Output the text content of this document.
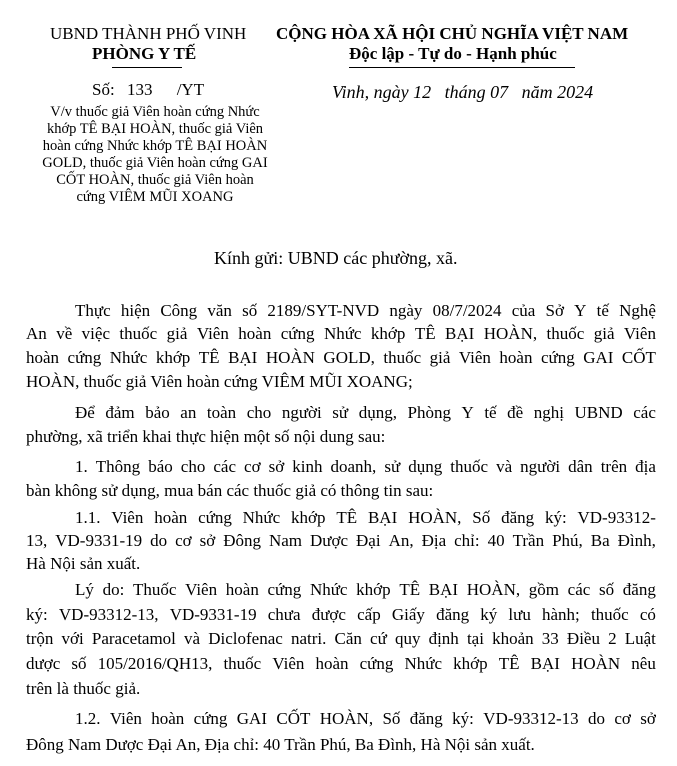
UBND THÀNH PHỐ VINH
PHÒNG Y TẾ
CỘNG HÒA XÃ HỘI CHỦ NGHĨA VIỆT NAM
Độc lập - Tự do - Hạnh phúc
Số: 133 /YT	Vinh, ngày 12   tháng 07   năm 2024
V/v thuốc giả Viên hoàn cứng Nhức
khớp TÊ BẠI HOÀN, thuốc giả Viên
hoàn cứng Nhức khớp TÊ BẠI HOÀN
GOLD, thuốc giả Viên hoàn cứng GAI
CỐT HOÀN, thuốc giả Viên hoàn
cứng VIÊM MŨI XOANG
Kính gửi: UBND các phường, xã.
Thực hiện Công văn số 2189/SYT-NVD ngày 08/7/2024 của Sở Y tế Nghệ
An về việc thuốc giả Viên hoàn cứng Nhức khớp TÊ BẠI HOÀN, thuốc giả Viên
hoàn cứng Nhức khớp TÊ BẠI HOÀN GOLD, thuốc giả Viên hoàn cứng GAI CỐT
HOÀN, thuốc giả Viên hoàn cứng VIÊM MŨI XOANG;
Để đảm bảo an toàn cho người sử dụng, Phòng Y tế đề nghị UBND các
phường, xã triển khai thực hiện một số nội dung sau:
1. Thông báo cho các cơ sở kinh doanh, sử dụng thuốc và người dân trên địa
bàn không sử dụng, mua bán các thuốc giả có thông tin sau:
1.1. Viên hoàn cứng Nhức khớp TÊ BẠI HOÀN, Số đăng ký: VD-93312-
13, VD-9331-19 do cơ sở Đông Nam Dược Đại An, Địa chỉ: 40 Trần Phú, Ba Đình,
Hà Nội sản xuất.
Lý do: Thuốc Viên hoàn cứng Nhức khớp TÊ BẠI HOÀN, gồm các số đăng
ký: VD-93312-13, VD-9331-19 chưa được cấp Giấy đăng ký lưu hành; thuốc có
trộn với Paracetamol và Diclofenac natri. Căn cứ quy định tại khoản 33 Điều 2 Luật
dược số 105/2016/QH13, thuốc Viên hoàn cứng Nhức khớp TÊ BẠI HOÀN nêu
trên là thuốc giả.
1.2. Viên hoàn cứng GAI CỐT HOÀN, Số đăng ký: VD-93312-13 do cơ sở
Đông Nam Dược Đại An, Địa chỉ: 40 Trần Phú, Ba Đình, Hà Nội sản xuất.
